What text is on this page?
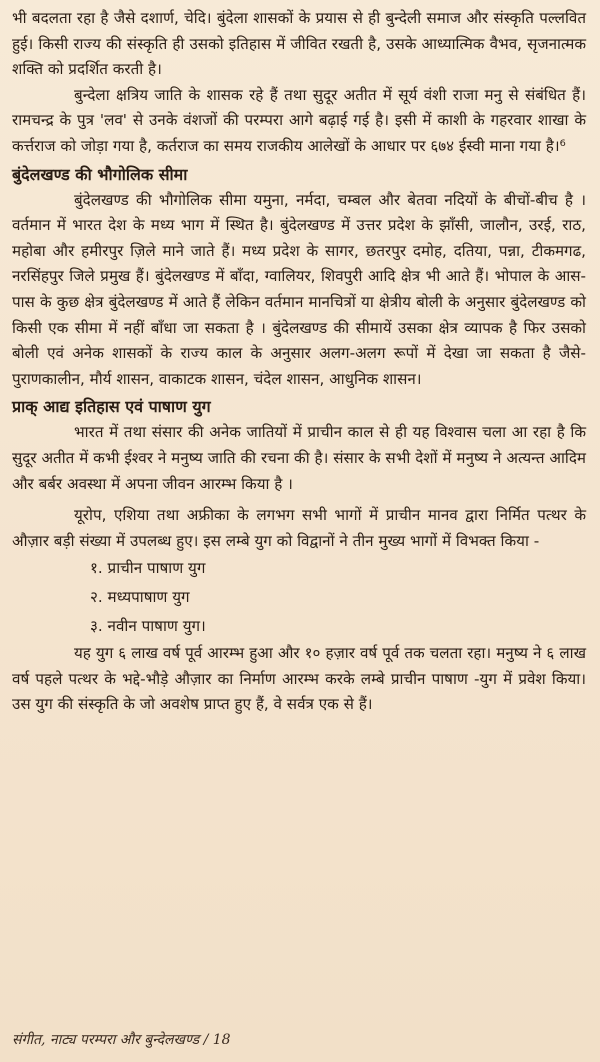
भी बदलता रहा है जैसे दशार्ण, चेदि। बुंदेला शासकों के प्रयास से ही बुन्देली समाज और संस्कृति पल्लवित हुई। किसी राज्य की संस्कृति ही उसको इतिहास में जीवित रखती है, उसके आध्यात्मिक वैभव, सृजनात्मक शक्ति को प्रदर्शित करती है।

बुन्देला क्षत्रिय जाति के शासक रहे हैं तथा सुदूर अतीत में सूर्य वंशी राजा मनु से संबंधित हैं। रामचन्द्र के पुत्र 'लव' से उनके वंशजों की परम्परा आगे बढ़ाई गई है। इसी में काशी के गहरवार शाखा के कर्त्तराज को जोड़ा गया है, कर्तराज का समय राजकीय आलेखों के आधार पर ६७४ ईस्वी माना गया है।⁶

बुंदेलखण्ड की भौगोलिक सीमा

बुंदेलखण्ड की भौगोलिक सीमा यमुना, नर्मदा, चम्बल और बेतवा नदियों के बीचों-बीच है । वर्तमान में भारत देश के मध्य भाग में स्थित है। बुंदेलखण्ड में उत्तर प्रदेश के झाँसी, जालौन, उरई, राठ, महोबा और हमीरपुर ज़िले माने जाते हैं। मध्य प्रदेश के सागर, छतरपुर दमोह, दतिया, पन्ना, टीकमगढ, नरसिंहपुर जिले प्रमुख हैं। बुंदेलखण्ड में बाँदा, ग्वालियर, शिवपुरी आदि क्षेत्र भी आते हैं। भोपाल के आस-पास के कुछ क्षेत्र बुंदेलखण्ड में आते हैं लेकिन वर्तमान मानचित्रों या क्षेत्रीय बोली के अनुसार बुंदेलखण्ड को किसी एक सीमा में नहीं बाँधा जा सकता है । बुंदेलखण्ड की सीमायें उसका क्षेत्र व्यापक है फिर उसको बोली एवं अनेक शासकों के राज्य काल के अनुसार अलग-अलग रूपों में देखा जा सकता है जैसे- पुराणकालीन, मौर्य शासन, वाकाटक शासन, चंदेल शासन, आधुनिक शासन।

प्राक् आद्य इतिहास एवं पाषाण युग

भारत में तथा संसार की अनेक जातियों में प्राचीन काल से ही यह विश्वास चला आ रहा है कि सुदूर अतीत में कभी ईश्वर ने मनुष्य जाति की रचना की है। संसार के सभी देशों में मनुष्य ने अत्यन्त आदिम और बर्बर अवस्था में अपना जीवन आरम्भ किया है ।

यूरोप, एशिया तथा अफ्रीका के लगभग सभी भागों में प्राचीन मानव द्वारा निर्मित पत्थर के औज़ार बड़ी संख्या में उपलब्ध हुए। इस लम्बे युग को विद्वानों ने तीन मुख्य भागों में विभक्त किया -

१. प्राचीन पाषाण युग
२. मध्यपाषाण युग
३. नवीन पाषाण युग।

यह युग ६ लाख वर्ष पूर्व आरम्भ हुआ और १० हज़ार वर्ष पूर्व तक चलता रहा। मनुष्य ने ६ लाख वर्ष पहले पत्थर के भद्दे-भौड़े औज़ार का निर्माण आरम्भ करके लम्बे प्राचीन पाषाण -युग में प्रवेश किया। उस युग की संस्कृति के जो अवशेष प्राप्त हुए हैं, वे सर्वत्र एक से हैं।

संगीत, नाट्य परम्परा और बुन्देलखण्ड / 18
